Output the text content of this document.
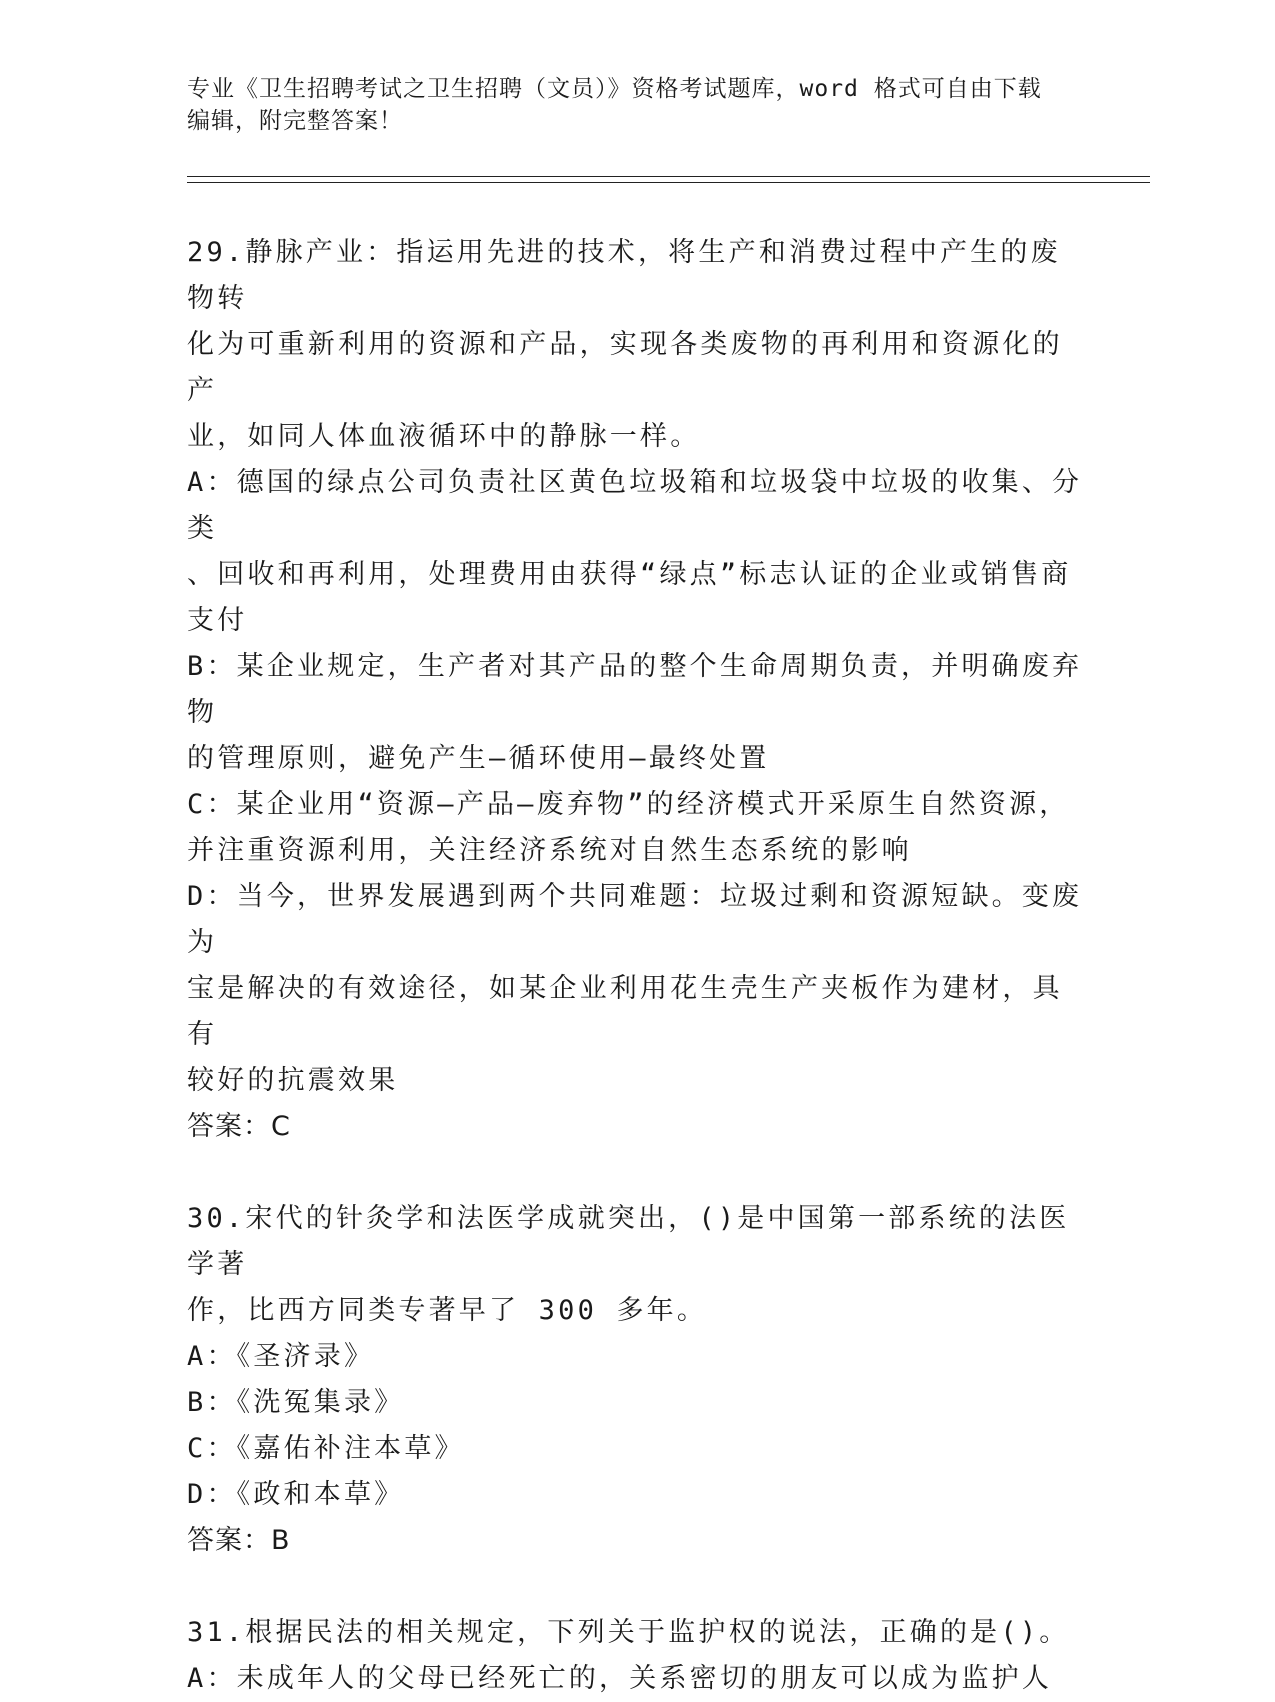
专业《卫生招聘考试之卫生招聘（文员）》资格考试题库，word 格式可自由下载
编辑，附完整答案！
29.静脉产业：指运用先进的技术，将生产和消费过程中产生的废物转
化为可重新利用的资源和产品，实现各类废物的再利用和资源化的产
业，如同人体血液循环中的静脉一样。
A：德国的绿点公司负责社区黄色垃圾箱和垃圾袋中垃圾的收集、分类
、回收和再利用，处理费用由获得“绿点”标志认证的企业或销售商
支付
B：某企业规定，生产者对其产品的整个生命周期负责，并明确废弃物
的管理原则，避免产生—循环使用—最终处置
C：某企业用“资源—产品—废弃物”的经济模式开采原生自然资源，
并注重资源利用，关注经济系统对自然生态系统的影响
D：当今，世界发展遇到两个共同难题：垃圾过剩和资源短缺。变废为
宝是解决的有效途径，如某企业利用花生壳生产夹板作为建材，具有
较好的抗震效果
答案：C
30.宋代的针灸学和法医学成就突出，()是中国第一部系统的法医学著
作，比西方同类专著早了 300 多年。
A：《圣济录》
B：《洗冤集录》
C：《嘉佑补注本草》
D：《政和本草》
答案：B
31.根据民法的相关规定，下列关于监护权的说法，正确的是()。
A：未成年人的父母已经死亡的，关系密切的朋友可以成为监护人
